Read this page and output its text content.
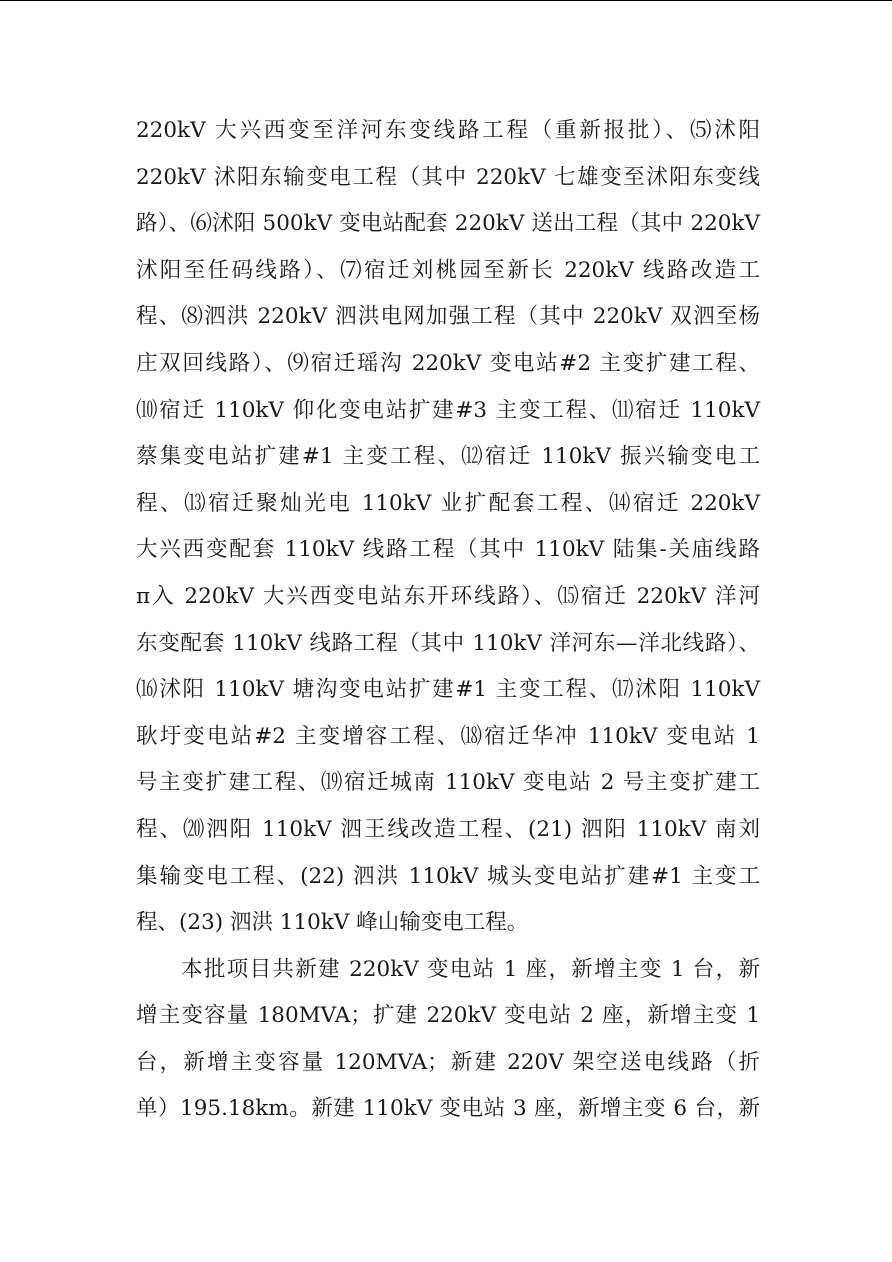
220kV 大兴西变至洋河东变线路工程（重新报批）、⑸沭阳
220kV 沭阳东输变电工程（其中 220kV 七雄变至沭阳东变线
路）、⑹沭阳 500kV 变电站配套 220kV 送出工程（其中 220kV
沭阳至任码线路）、⑺宿迁刘桃园至新长 220kV 线路改造工
程、⑻泗洪 220kV 泗洪电网加强工程（其中 220kV 双泗至杨
庄双回线路）、⑼宿迁瑶沟 220kV 变电站#2 主变扩建工程、
⑽宿迁 110kV 仰化变电站扩建#3 主变工程、⑾宿迁 110kV
蔡集变电站扩建#1 主变工程、⑿宿迁 110kV 振兴输变电工
程、⒀宿迁聚灿光电 110kV 业扩配套工程、⒁宿迁 220kV
大兴西变配套 110kV 线路工程（其中 110kV 陆集-关庙线路
π入 220kV 大兴西变电站东开环线路）、⒂宿迁 220kV 洋河
东变配套 110kV 线路工程（其中 110kV 洋河东—洋北线路）、
⒃沭阳 110kV 塘沟变电站扩建#1 主变工程、⒄沭阳 110kV
耿圩变电站#2 主变增容工程、⒅宿迁华冲 110kV 变电站 1
号主变扩建工程、⒆宿迁城南 110kV 变电站 2 号主变扩建工
程、⒇泗阳 110kV 泗王线改造工程、(21) 泗阳 110kV 南刘
集输变电工程、(22) 泗洪 110kV 城头变电站扩建#1 主变工
程、(23) 泗洪 110kV 峰山输变电工程。
本批项目共新建 220kV 变电站 1 座，新增主变 1 台，新
增主变容量 180MVA；扩建 220kV 变电站 2 座，新增主变 1
台，新增主变容量 120MVA；新建 220V 架空送电线路（折
单）195.18km。新建 110kV 变电站 3 座，新增主变 6 台，新
